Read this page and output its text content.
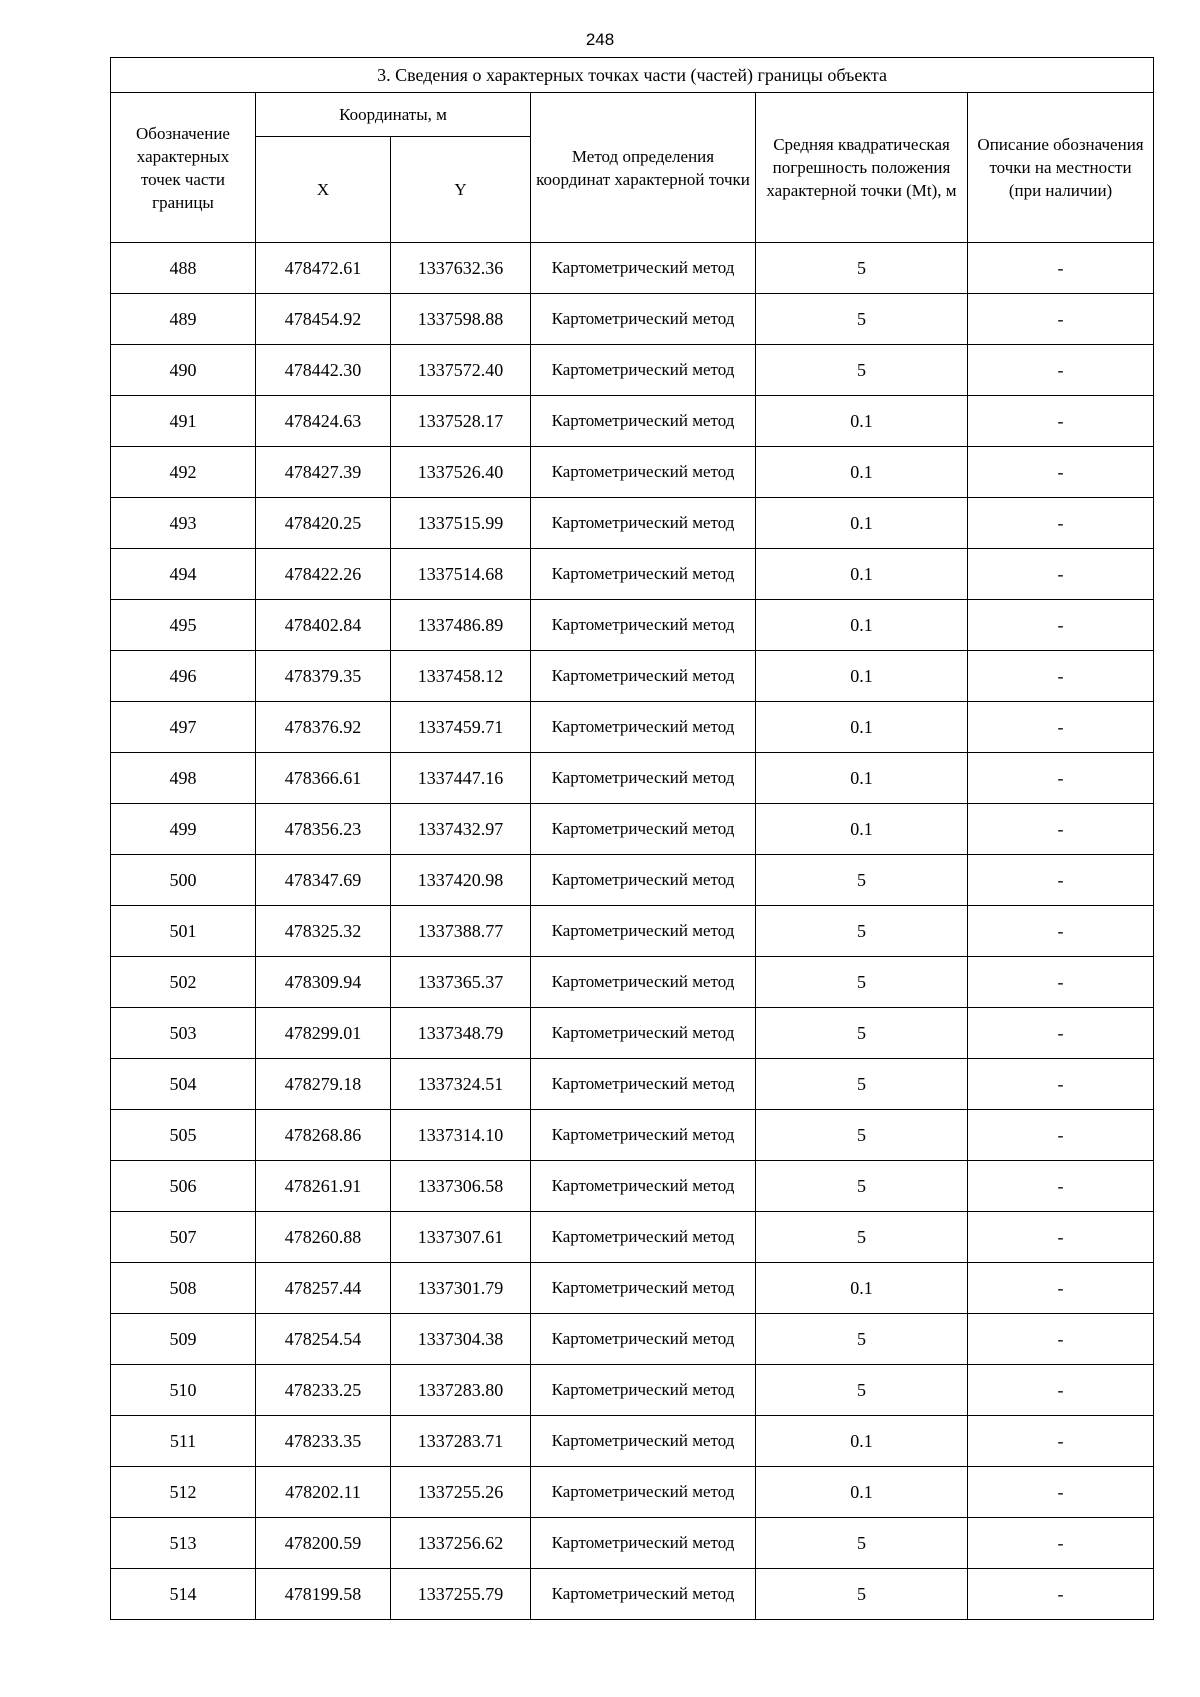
248
3. Сведения о характерных точках части (частей) границы объекта					
Обозначение характерных точек части границы	Координаты, м		Метод определения координат характерной точки	Средняя квадратическая погрешность положения характерной точки (Mt), м	Описание обозначения точки на местности (при наличии)
	X	Y			
488	478472.61	1337632.36	Картометрический метод	5	-
489	478454.92	1337598.88	Картометрический метод	5	-
490	478442.30	1337572.40	Картометрический метод	5	-
491	478424.63	1337528.17	Картометрический метод	0.1	-
492	478427.39	1337526.40	Картометрический метод	0.1	-
493	478420.25	1337515.99	Картометрический метод	0.1	-
494	478422.26	1337514.68	Картометрический метод	0.1	-
495	478402.84	1337486.89	Картометрический метод	0.1	-
496	478379.35	1337458.12	Картометрический метод	0.1	-
497	478376.92	1337459.71	Картометрический метод	0.1	-
498	478366.61	1337447.16	Картометрический метод	0.1	-
499	478356.23	1337432.97	Картометрический метод	0.1	-
500	478347.69	1337420.98	Картометрический метод	5	-
501	478325.32	1337388.77	Картометрический метод	5	-
502	478309.94	1337365.37	Картометрический метод	5	-
503	478299.01	1337348.79	Картометрический метод	5	-
504	478279.18	1337324.51	Картометрический метод	5	-
505	478268.86	1337314.10	Картометрический метод	5	-
506	478261.91	1337306.58	Картометрический метод	5	-
507	478260.88	1337307.61	Картометрический метод	5	-
508	478257.44	1337301.79	Картометрический метод	0.1	-
509	478254.54	1337304.38	Картометрический метод	5	-
510	478233.25	1337283.80	Картометрический метод	5	-
511	478233.35	1337283.71	Картометрический метод	0.1	-
512	478202.11	1337255.26	Картометрический метод	0.1	-
513	478200.59	1337256.62	Картометрический метод	5	-
514	478199.58	1337255.79	Картометрический метод	5	-
